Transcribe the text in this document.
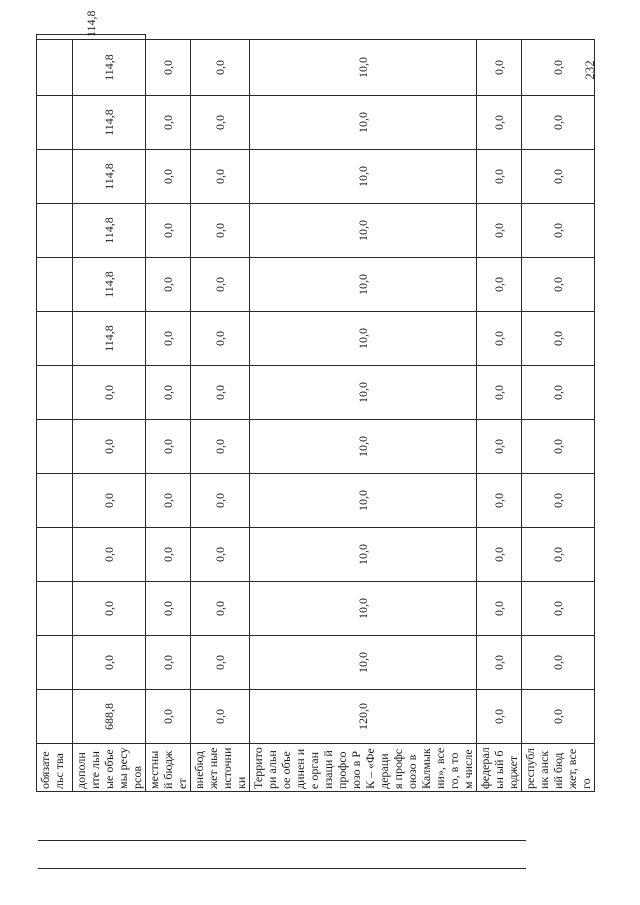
232
обязательс тва														114,8
дополните льные объемы ресурсов	688,8	0,0	0,0	0,0	0,0	0,0	0,0	114,8	114,8	114,8	114,8	114,8	114,8	
местный бюджет	0,0	0,0	0,0	0,0	0,0	0,0	0,0	0,0	0,0	0,0	0,0	0,0	0,0	
внебюджет ные источники	0,0	0,0	0,0	0,0	0,0	0,0	0,0	0,0	0,0	0,0	0,0	0,0	0,0	
Территори альное объединен ие организаци й профсоюзо в РК – «Федераци я профсоюзо в Калмыкии», всего, в том числе	120,0	10,0	10,0	10,0	10,0	10,0	10,0	10,0	10,0	10,0	10,0	10,0	10,0	
федеральн ый бюджет	0,0	0,0	0,0	0,0	0,0	0,0	0,0	0,0	0,0	0,0	0,0	0,0	0,0	
республик анский бюджет, всего	0,0	0,0	0,0	0,0	0,0	0,0	0,0	0,0	0,0	0,0	0,0	0,0	0,0	
